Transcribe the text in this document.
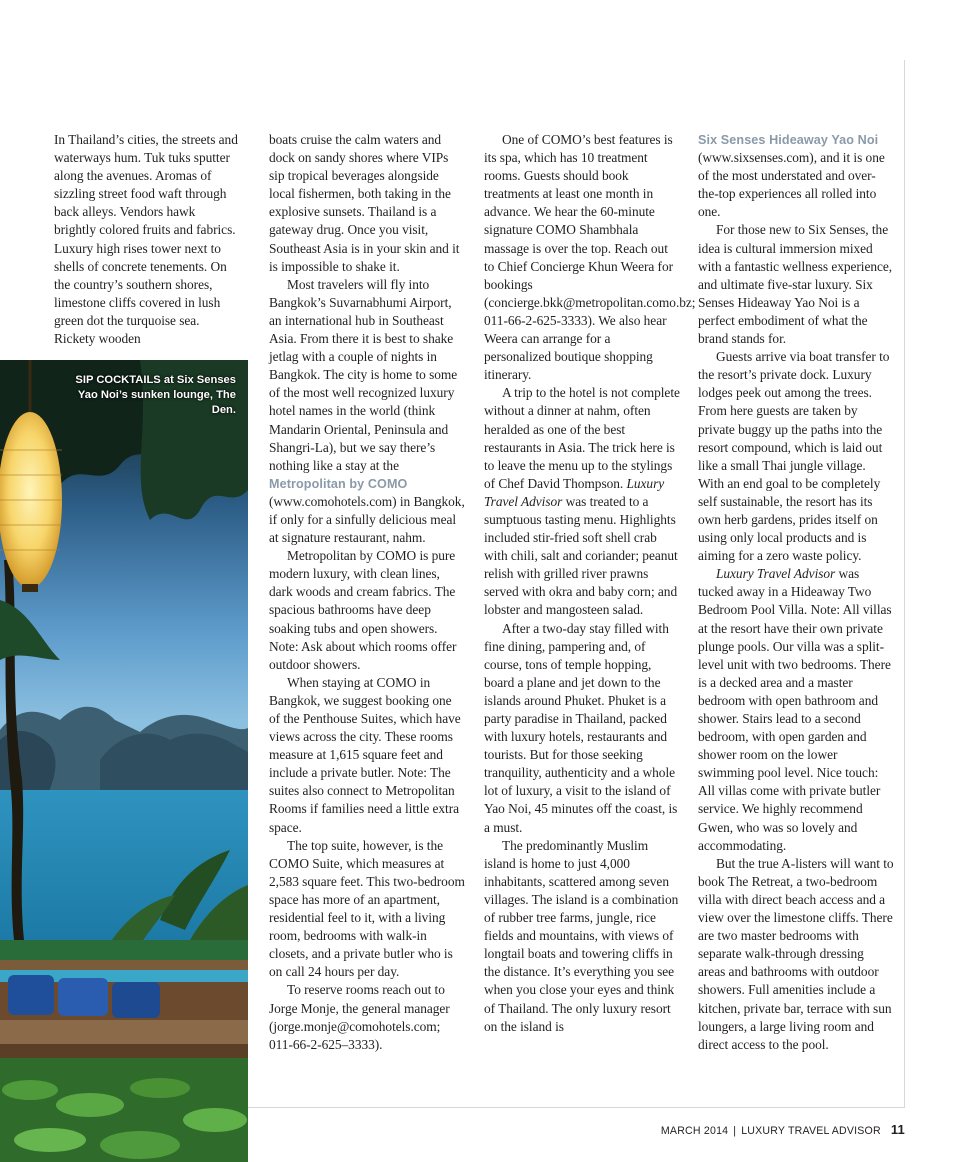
In Thailand’s cities, the streets and waterways hum. Tuk tuks sputter along the avenues. Aromas of sizzling street food waft through back alleys. Vendors hawk brightly colored fruits and fabrics. Luxury high rises tower next to shells of concrete tenements. On the country’s southern shores, limestone cliffs covered in lush green dot the turquoise sea. Rickety wooden

SIP COCKTAILS at Six Senses Yao Noi’s sunken lounge, The Den.

boats cruise the calm waters and dock on sandy shores where VIPs sip tropical beverages alongside local fishermen, both taking in the explosive sunsets. Thailand is a gateway drug. Once you visit, Southeast Asia is in your skin and it is impossible to shake it.

Most travelers will fly into Bangkok’s Suvarnabhumi Airport, an international hub in Southeast Asia. From there it is best to shake jetlag with a couple of nights in Bangkok. The city is home to some of the most well recognized luxury hotel names in the world (think Mandarin Oriental, Peninsula and Shangri-La), but we say there’s nothing like a stay at the Metropolitan by COMO (www.comohotels.com) in Bangkok, if only for a sinfully delicious meal at signature restaurant, nahm.

Metropolitan by COMO is pure modern luxury, with clean lines, dark woods and cream fabrics. The spacious bathrooms have deep soaking tubs and open showers. Note: Ask about which rooms offer outdoor showers.

When staying at COMO in Bangkok, we suggest booking one of the Penthouse Suites, which have views across the city. These rooms measure at 1,615 square feet and include a private butler. Note: The suites also connect to Metropolitan Rooms if families need a little extra space.

The top suite, however, is the COMO Suite, which measures at 2,583 square feet. This two-bedroom space has more of an apartment, residential feel to it, with a living room, bedrooms with walk-in closets, and a private butler who is on call 24 hours per day.

To reserve rooms reach out to Jorge Monje, the general manager (jorge.monje@comohotels.com; 011-66-2-625–3333).

One of COMO’s best features is its spa, which has 10 treatment rooms. Guests should book treatments at least one month in advance. We hear the 60-minute signature COMO Shambhala massage is over the top. Reach out to Chief Concierge Khun Weera for bookings (concierge.bkk@metropolitan.como.bz; 011-66-2-625-3333). We also hear Weera can arrange for a personalized boutique shopping itinerary.

A trip to the hotel is not complete without a dinner at nahm, often heralded as one of the best restaurants in Asia. The trick here is to leave the menu up to the stylings of Chef David Thompson. Luxury Travel Advisor was treated to a sumptuous tasting menu. Highlights included stir-fried soft shell crab with chili, salt and coriander; peanut relish with grilled river prawns served with okra and baby corn; and lobster and mangosteen salad.

After a two-day stay filled with fine dining, pampering and, of course, tons of temple hopping, board a plane and jet down to the islands around Phuket. Phuket is a party paradise in Thailand, packed with luxury hotels, restaurants and tourists. But for those seeking tranquility, authenticity and a whole lot of luxury, a visit to the island of Yao Noi, 45 minutes off the coast, is a must.

The predominantly Muslim island is home to just 4,000 inhabitants, scattered among seven villages. The island is a combination of rubber tree farms, jungle, rice fields and mountains, with views of longtail boats and towering cliffs in the distance. It’s everything you see when you close your eyes and think of Thailand. The only luxury resort on the island is

Six Senses Hideaway Yao Noi (www.sixsenses.com), and it is one of the most understated and over-the-top experiences all rolled into one.

For those new to Six Senses, the idea is cultural immersion mixed with a fantastic wellness experience, and ultimate five-star luxury. Six Senses Hideaway Yao Noi is a perfect embodiment of what the brand stands for.

Guests arrive via boat transfer to the resort’s private dock. Luxury lodges peek out among the trees. From here guests are taken by private buggy up the paths into the resort compound, which is laid out like a small Thai jungle village. With an end goal to be completely self sustainable, the resort has its own herb gardens, prides itself on using only local products and is aiming for a zero waste policy.

Luxury Travel Advisor was tucked away in a Hideaway Two Bedroom Pool Villa. Note: All villas at the resort have their own private plunge pools. Our villa was a split-level unit with two bedrooms. There is a decked area and a master bedroom with open bathroom and shower. Stairs lead to a second bedroom, with open garden and shower room on the lower swimming pool level. Nice touch: All villas come with private butler service. We highly recommend Gwen, who was so lovely and accommodating.

But the true A-listers will want to book The Retreat, a two-bedroom villa with direct beach access and a view over the limestone cliffs. There are two master bedrooms with separate walk-through dressing areas and bathrooms with outdoor showers. Full amenities include a kitchen, private bar, terrace with sun loungers, a large living room and direct access to the pool.

MARCH 2014 | LUXURY TRAVEL ADVISOR 11
